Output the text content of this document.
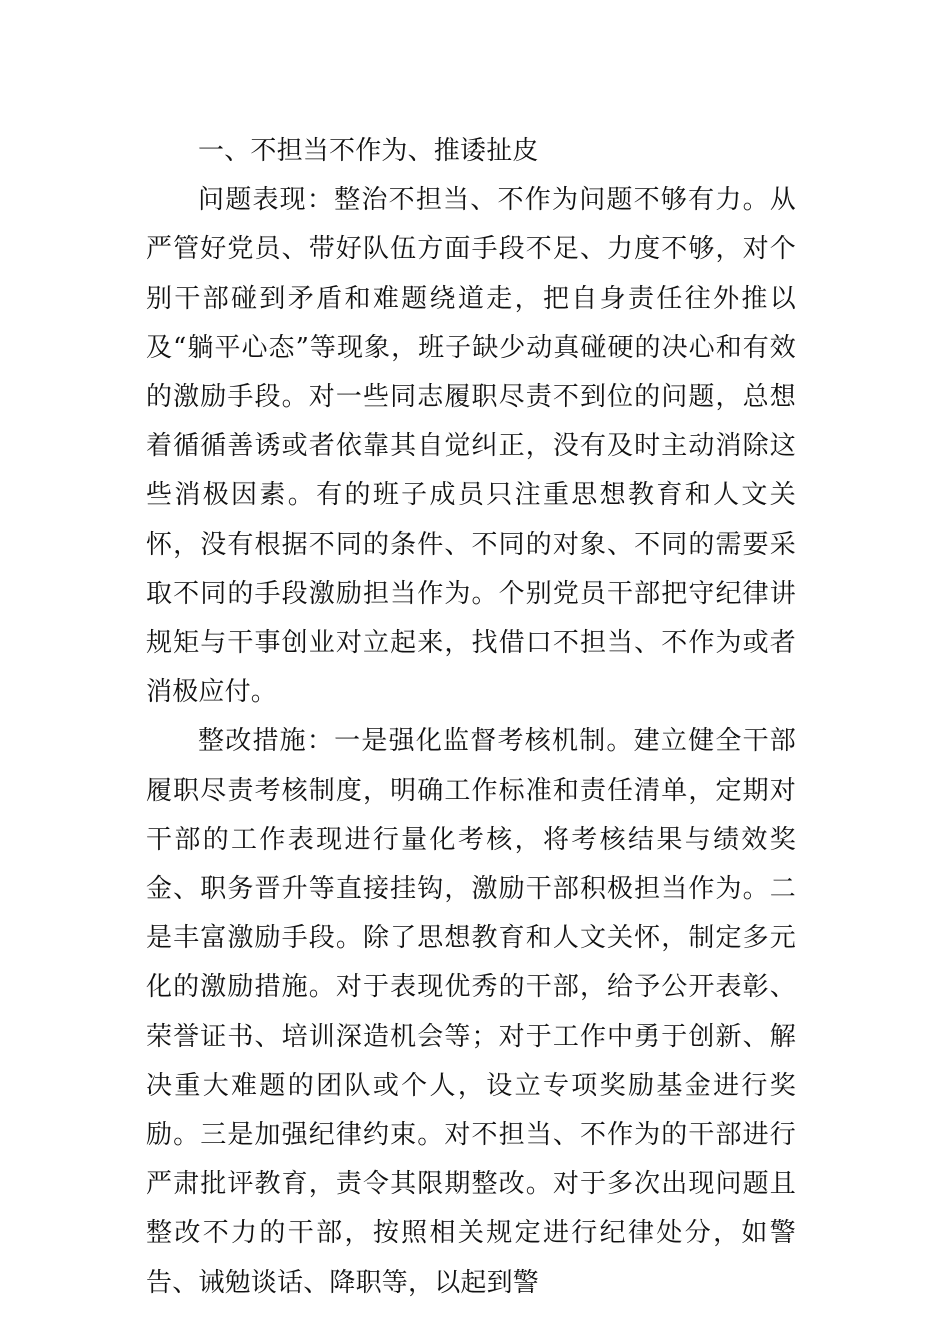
一、不担当不作为、推诿扯皮

问题表现：整治不担当、不作为问题不够有力。从严管好党员、带好队伍方面手段不足、力度不够，对个别干部碰到矛盾和难题绕道走，把自身责任往外推以及“躺平心态”等现象，班子缺少动真碰硬的决心和有效的激励手段。对一些同志履职尽责不到位的问题，总想着循循善诱或者依靠其自觉纠正，没有及时主动消除这些消极因素。有的班子成员只注重思想教育和人文关怀，没有根据不同的条件、不同的对象、不同的需要采取不同的手段激励担当作为。个别党员干部把守纪律讲规矩与干事创业对立起来，找借口不担当、不作为或者消极应付。

整改措施：一是强化监督考核机制。建立健全干部履职尽责考核制度，明确工作标准和责任清单，定期对干部的工作表现进行量化考核，将考核结果与绩效奖金、职务晋升等直接挂钩，激励干部积极担当作为。二是丰富激励手段。除了思想教育和人文关怀，制定多元化的激励措施。对于表现优秀的干部，给予公开表彰、荣誉证书、培训深造机会等；对于工作中勇于创新、解决重大难题的团队或个人，设立专项奖励基金进行奖励。三是加强纪律约束。对不担当、不作为的干部进行严肃批评教育，责令其限期整改。对于多次出现问题且整改不力的干部，按照相关规定进行纪律处分，如警告、诫勉谈话、降职等，以起到警
